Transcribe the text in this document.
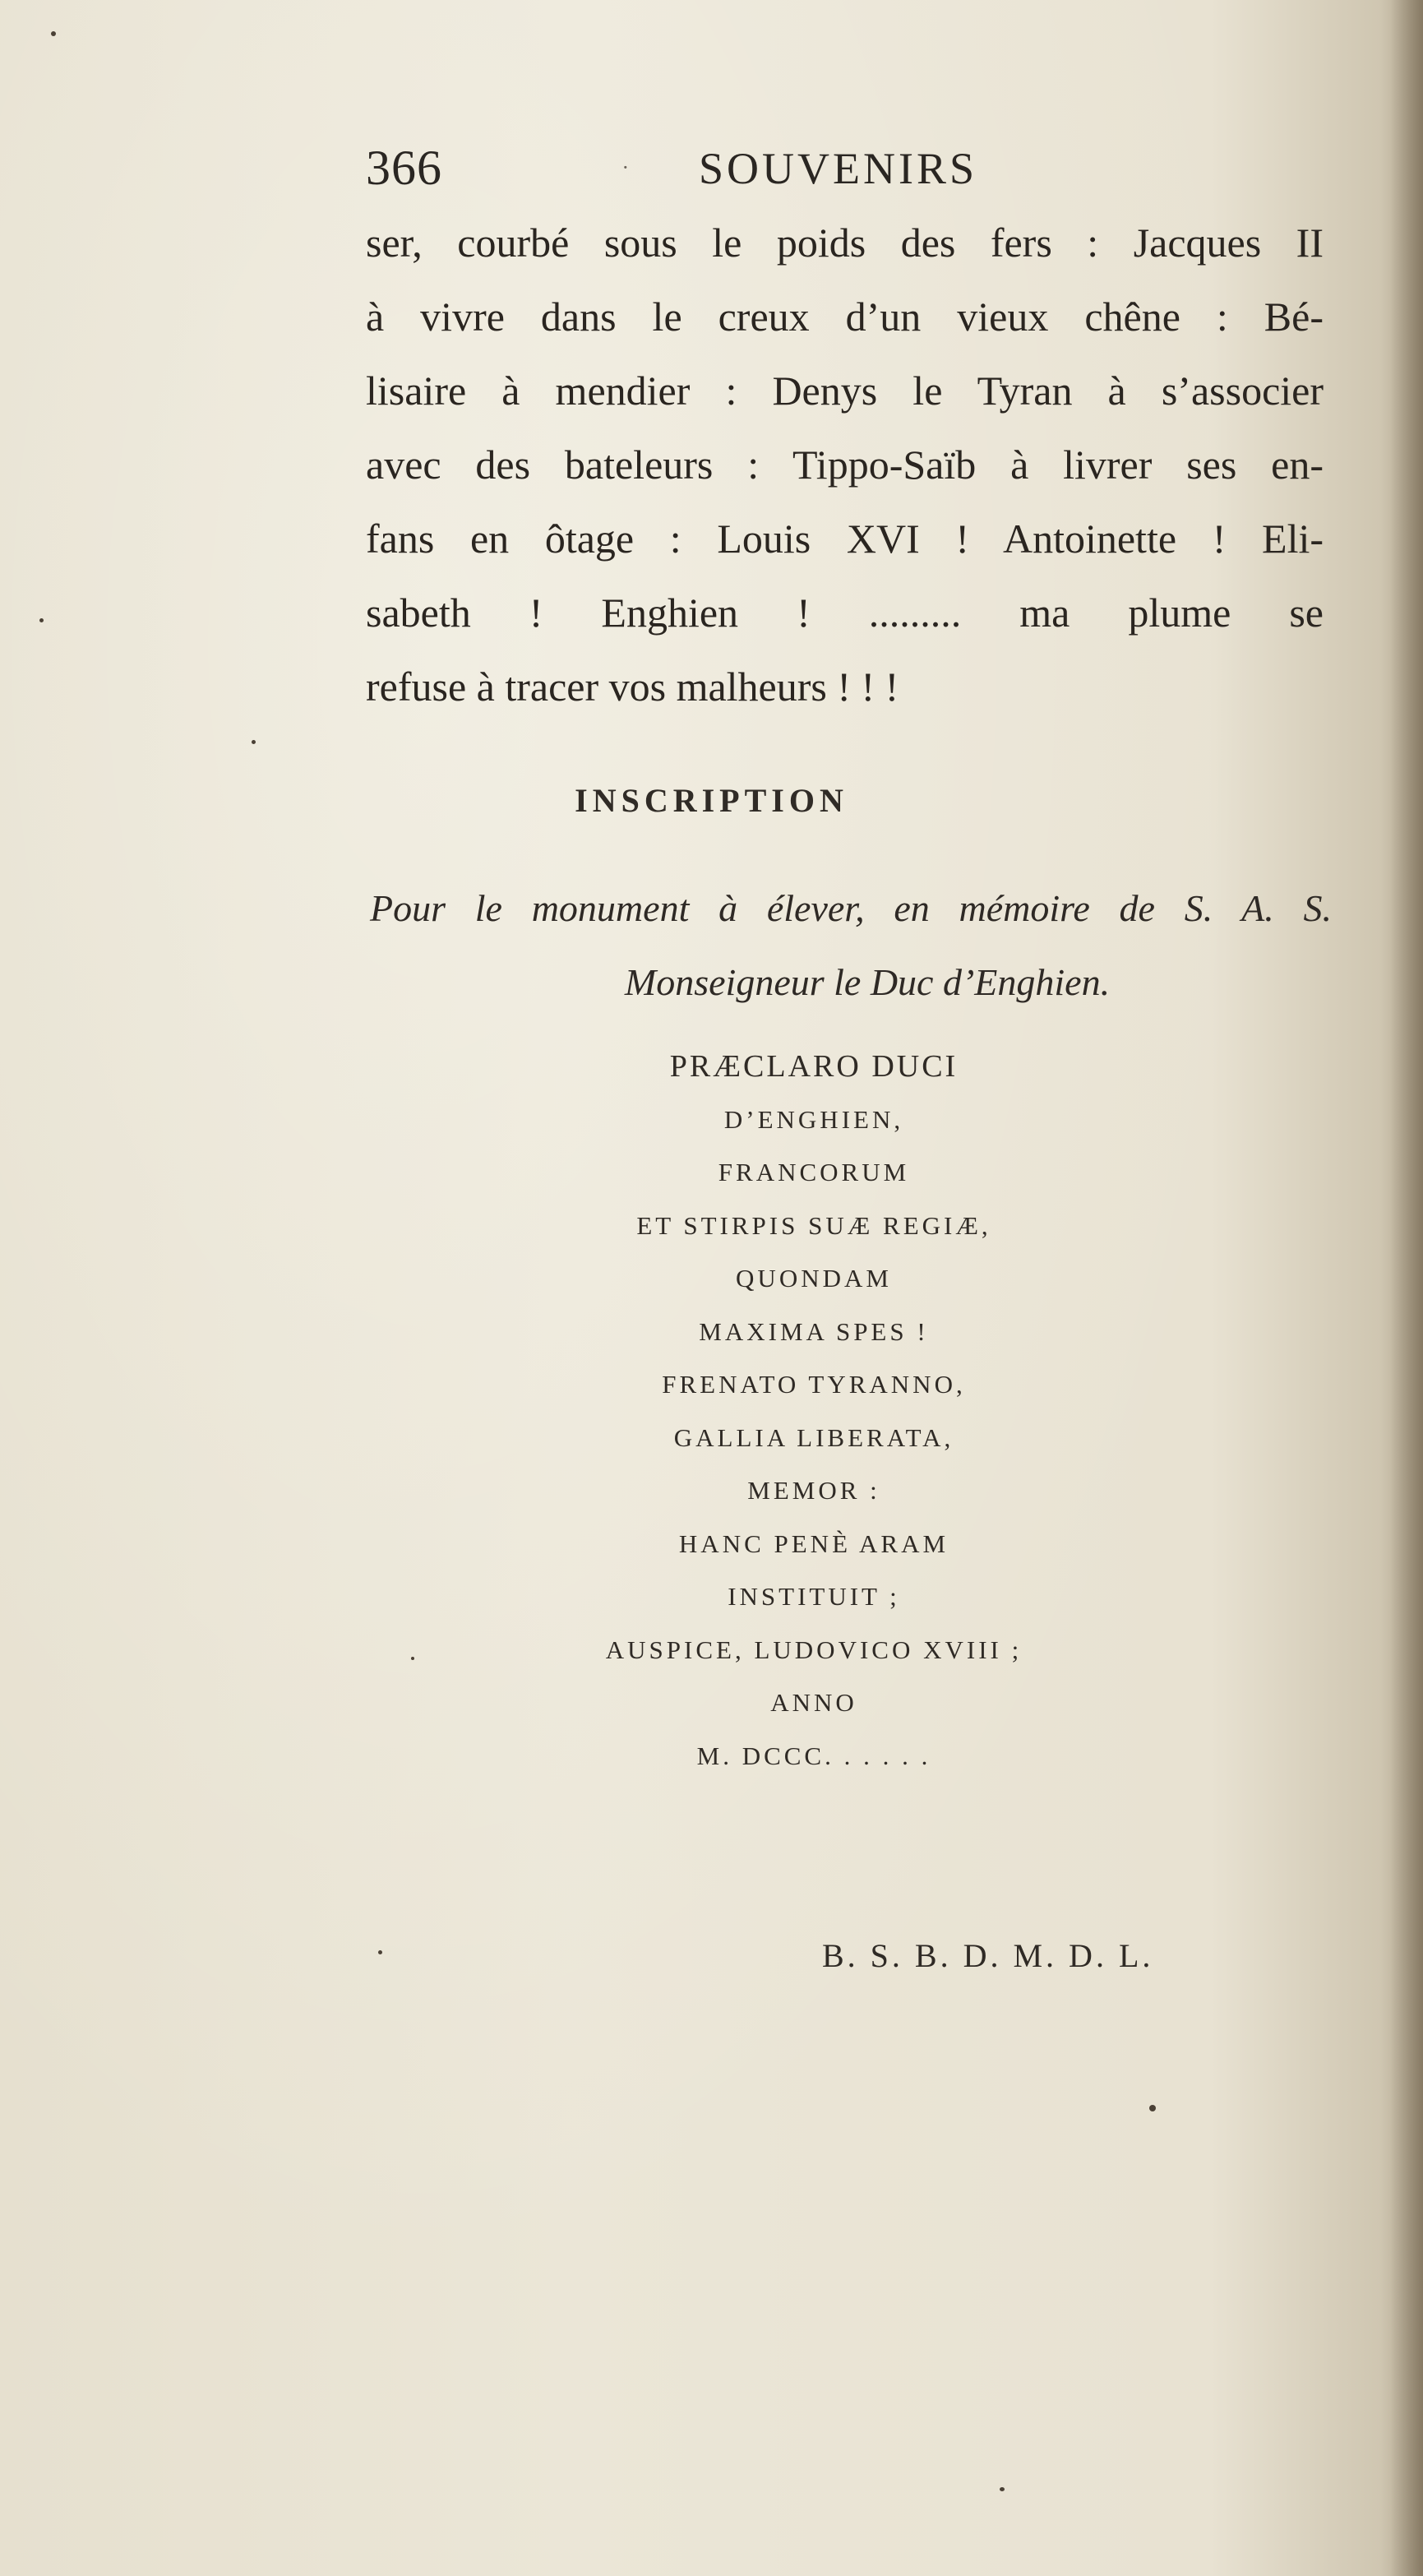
366	· SOUVENIRS
ser, courbé sous le poids des fers : Jacques II
à vivre dans le creux d’un vieux chêne : Bé-
lisaire à mendier : Denys le Tyran à s’associer
avec des bateleurs : Tippo-Saïb à livrer ses en-
fans en ôtage : Louis XVI ! Antoinette ! Eli-
sabeth ! Enghien ! ......... ma plume se
refuse à tracer vos malheurs ! ! !
INSCRIPTION
Pour le monument à élever, en mémoire de S. A. S.
Monseigneur le Duc d’Enghien.
PRÆCLARO DUCI
D’ENGHIEN,
FRANCORUM
ET STIRPIS SUÆ REGIÆ,
QUONDAM
MAXIMA SPES !
FRENATO TYRANNO,
GALLIA LIBERATA,
MEMOR :
HANC PENÈ ARAM
INSTITUIT ;
AUSPICE, LUDOVICO XVIII ;
ANNO
M. DCCC. . . . . .
B. S. B. D. M. D. L.
